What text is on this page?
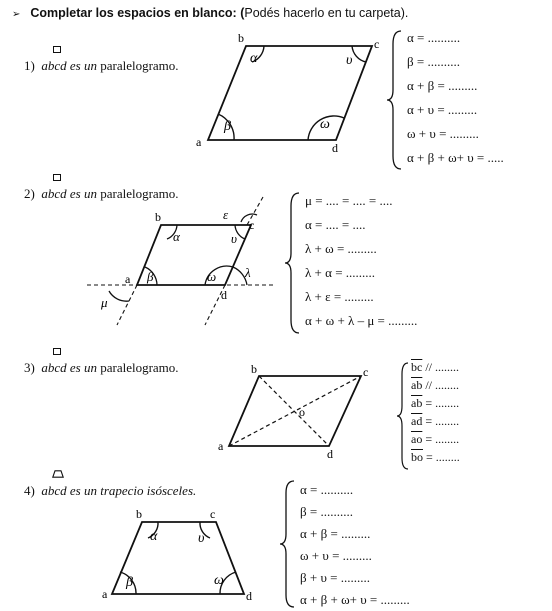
➢ Completar los espacios en blanco: (Podés hacerlo en tu carpeta).
1) abcd es un paralelogramo.
b	c
a	d
α	υ
β	ω
α = ..........
β = ..........
α + β = .........
α + υ = .........
ω + υ = .........
α + β + ω+ υ = .....
2) abcd es un paralelogramo.
b
c
a
d
α	υ
ε
β	ω λ
μ
μ = .... = .... = ....
α = .... = ....
λ + ω = .........
λ + α = .........
λ + ε = .........
α + ω + λ – μ = .........
3) abcd es un paralelogramo.	b	c
a
d
o
$\overline{bc}$ // ........
$\overline{ab}$ // ........
$\overline{ab}$ = ........
$\overline{ad}$ = ........
$\overline{ao}$ = ........
$\overline{bo}$ = ........
4) abcd es un trapecio isósceles.
b	c
a	d
α	υ
β	ω
α = ..........
β = ..........
α + β = .........
ω + υ = .........
β + υ = .........
α + β + ω+ υ = .........
